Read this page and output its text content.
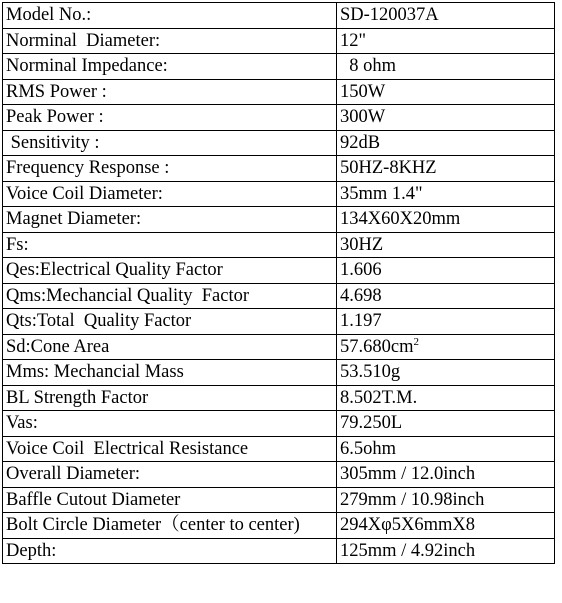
Model No.:	SD-120037A
Norminal  Diameter:	12"
Norminal Impedance:	8 ohm
RMS Power :	150W
Peak Power :	300W
Sensitivity :	92dB
Frequency Response :	50HZ-8KHZ
Voice Coil Diameter:	35mm 1.4"
Magnet Diameter:	134X60X20mm
Fs:	30HZ
Qes:Electrical Quality Factor	1.606
Qms:Mechancial Quality  Factor	4.698
Qts:Total  Quality Factor	1.197
Sd:Cone Area	$57.680cm^2$
Mms: Mechancial Mass	53.510g
BL Strength Factor	8.502T.M.
Vas:	79.250L
Voice Coil  Electrical Resistance	6.5ohm
Overall Diameter:	305mm / 12.0inch
Baffle Cutout Diameter	279mm / 10.98inch
Bolt Circle Diameter（center to center)	294Xφ5X6mmX8
Depth:	125mm / 4.92inch
